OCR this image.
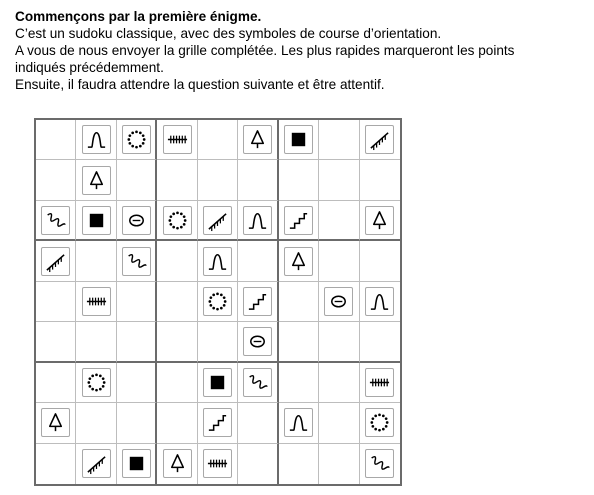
Commençons par la première énigme.

C’est un sudoku classique, avec des symboles de course d’orientation.

A vous de nous envoyer la grille complétée. Les plus rapides marqueront les points

indiqués précédemment.

Ensuite, il faudra attendre la question suivante et être attentif.
